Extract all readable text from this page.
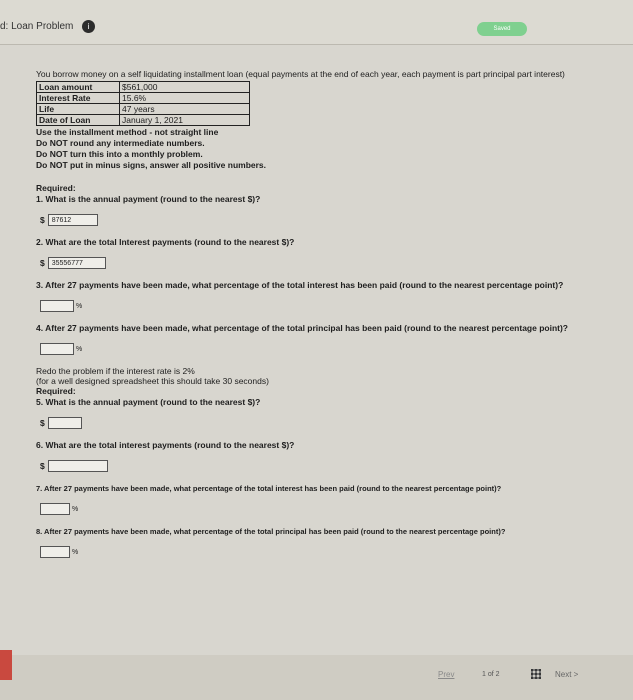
d: Loan Problem	i	Saved
You borrow money on a self liquidating installment loan (equal payments at the end of each year, each payment is part principal part interest)
Loan amount	$561,000
Interest Rate	15.6%
Life	47 years
Date of Loan	January 1, 2021
Use the installment method - not straight line
Do NOT round any intermediate numbers.
Do NOT turn this into a monthly problem.
Do NOT put in minus signs, answer all positive numbers.
Required:
1. What is the annual payment (round to the nearest $)?
$	87612
2. What are the total Interest payments (round to the nearest $)?
$	35556777
3. After 27 payments have been made, what percentage of the total interest has been paid (round to the nearest percentage point)?
%
4. After 27 payments have been made, what percentage of the total principal has been paid (round to the nearest percentage point)?
%
Redo the problem if the interest rate is 2%
(for a well designed spreadsheet this should take 30 seconds)
Required:
5. What is the annual payment (round to the nearest $)?
$
6. What are the total interest payments (round to the nearest $)?
$
7. After 27 payments have been made, what percentage of the total interest has been paid (round to the nearest percentage point)?
%
8. After 27 payments have been made, what percentage of the total principal has been paid (round to the nearest percentage point)?
%
Prev	1 of 2	Next >
